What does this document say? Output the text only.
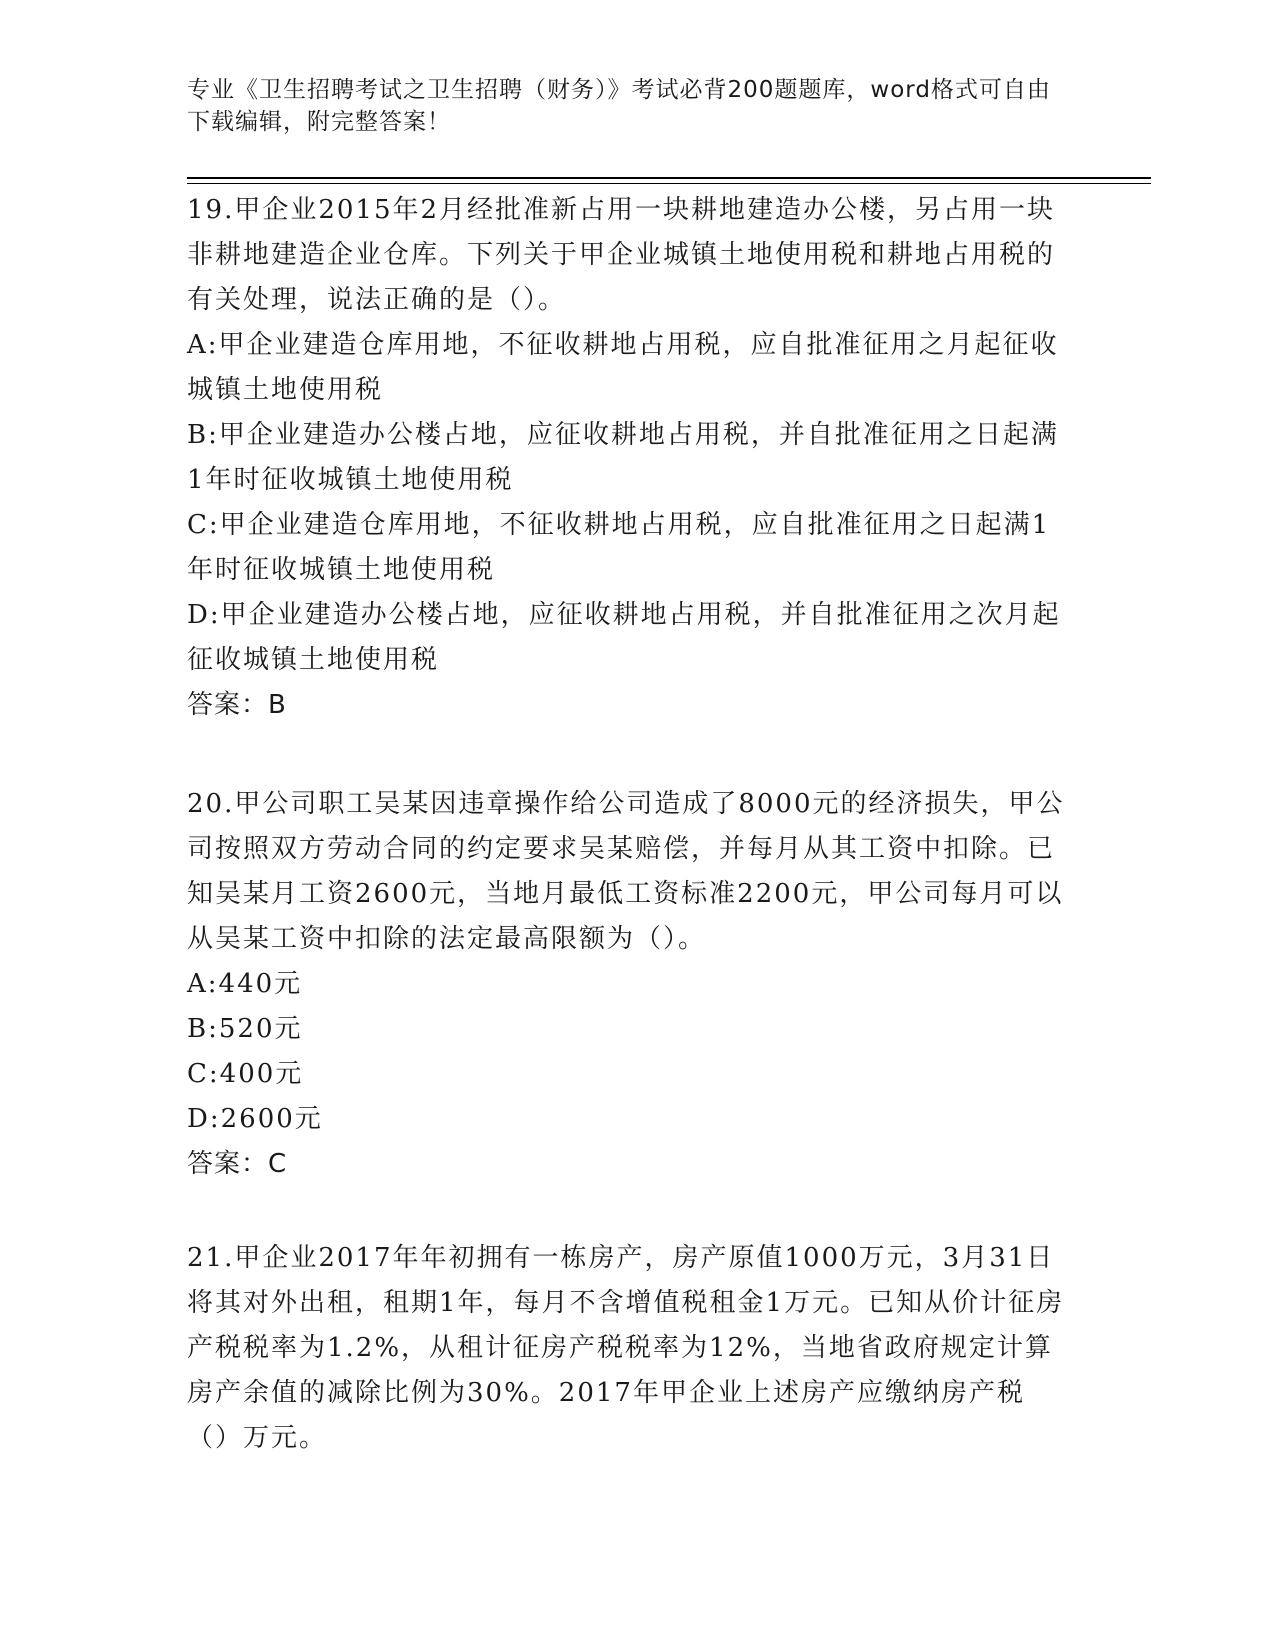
专业《卫生招聘考试之卫生招聘（财务）》考试必背200题题库，word格式可自由下载编辑，附完整答案！

19.甲企业2015年2月经批准新占用一块耕地建造办公楼，另占用一块非耕地建造企业仓库。下列关于甲企业城镇土地使用税和耕地占用税的有关处理，说法正确的是（）。

A:甲企业建造仓库用地，不征收耕地占用税，应自批准征用之月起征收城镇土地使用税

B:甲企业建造办公楼占地，应征收耕地占用税，并自批准征用之日起满1年时征收城镇土地使用税

C:甲企业建造仓库用地，不征收耕地占用税，应自批准征用之日起满1年时征收城镇土地使用税

D:甲企业建造办公楼占地，应征收耕地占用税，并自批准征用之次月起征收城镇土地使用税

答案：B

20.甲公司职工吴某因违章操作给公司造成了8000元的经济损失，甲公司按照双方劳动合同的约定要求吴某赔偿，并每月从其工资中扣除。已知吴某月工资2600元，当地月最低工资标准2200元，甲公司每月可以从吴某工资中扣除的法定最高限额为（）。

A:440元

B:520元

C:400元

D:2600元

答案：C

21.甲企业2017年年初拥有一栋房产，房产原值1000万元，3月31日将其对外出租，租期1年，每月不含增值税租金1万元。已知从价计征房产税税率为1.2%，从租计征房产税税率为12%，当地省政府规定计算房产余值的减除比例为30%。2017年甲企业上述房产应缴纳房产税（）万元。
